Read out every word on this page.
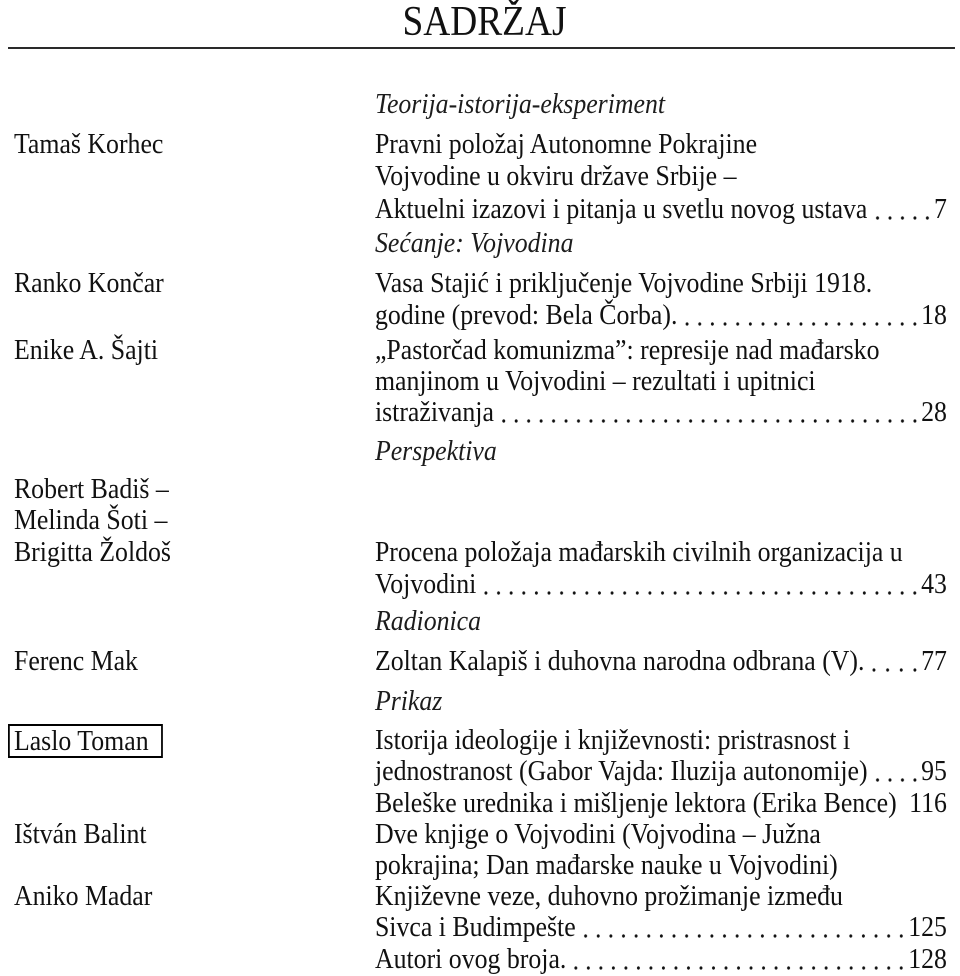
SADRŽAJ
Teorija-istorija-eksperiment
Tamaš Korhec	Pravni položaj Autonomne Pokrajine
Vojvodine u okviru države Srbije –
Aktuelni izazovi i pitanja u svetlu novog ustava 7
Sećanje: Vojvodina
Ranko Končar	Vasa Stajić i priključenje Vojvodine Srbiji 1918.
godine (prevod: Bela Čorba).	18
Enike A. Šajti	„Pastorčad komunizma”: represije nad mađarsko
manjinom u Vojvodini – rezultati i upitnici
istraživanja	28
Perspektiva
Robert Badiš –
Melinda Šoti –
Brigitta Žoldoš	Procena položaja mađarskih civilnih organizacija u
Vojvodini	43
Radionica
Ferenc Mak	Zoltan Kalapiš i duhovna narodna odbrana (V). 77
Prikaz
Laslo Toman	Istorija ideologije i književnosti: pristrasnost i
jednostranost (Gabor Vajda: Iluzija autonomije) 95
Beleške urednika i mišljenje lektora (Erika Bence) 116
Ištván Balint	Dve knjige o Vojvodini (Vojvodina – Južna
pokrajina; Dan mađarske nauke u Vojvodini)
Aniko Madar	Književne veze, duhovno prožimanje između
Sivca i Budimpešte	125
Autori ovog broja.	128
